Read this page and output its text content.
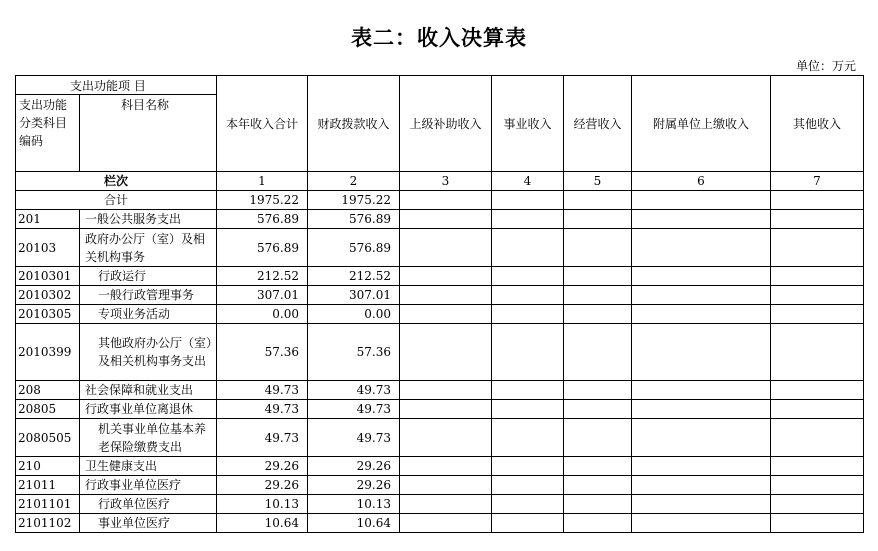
表二：收入决算表
单位：万元
支出功能项 目
支出功能分类科目编码
科目名称		本年收入合计	财政拨款收入	上级补助收入	事业收入	经营收入	附属单位上缴收入	其他收入
栏次		1	2	3	4	5	6	7
合计		1975.22	1975.22					
201	一般公共服务支出	576.89	576.89					
20103	政府办公厅（室）及相关机构事务	576.89	576.89					
2010301	行政运行	212.52	212.52					
2010302	一般行政管理事务	307.01	307.01					
2010305	专项业务活动	0.00	0.00					
2010399	其他政府办公厅（室）及相关机构事务支出	57.36	57.36					
208	社会保障和就业支出	49.73	49.73					
20805	行政事业单位离退休	49.73	49.73					
2080505	机关事业单位基本养老保险缴费支出	49.73	49.73					
210	卫生健康支出	29.26	29.26					
21011	行政事业单位医疗	29.26	29.26					
2101101	行政单位医疗	10.13	10.13					
2101102	事业单位医疗	10.64	10.64					
